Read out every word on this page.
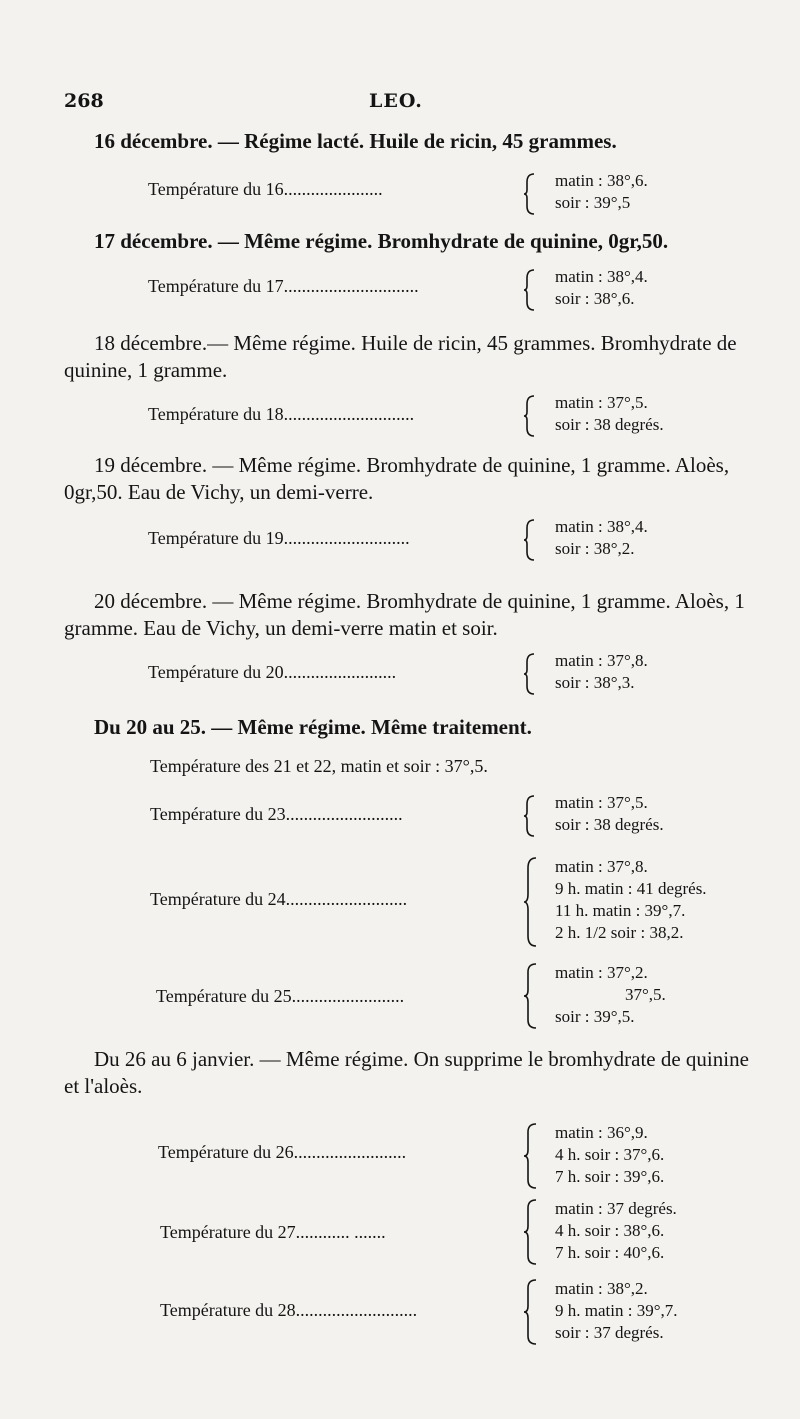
268	LEO.
16 décembre. — Régime lacté. Huile de ricin, 45 grammes.
Température du 16......................	matin : 38°,6.
soir : 39°,5
17 décembre. — Même régime. Bromhydrate de quinine, 0gr,50.
Température du 17..............................	matin : 38°,4.
soir : 38°,6.
18 décembre.— Même régime. Huile de ricin, 45 grammes. Bromhydrate de quinine, 1 gramme.
Température du 18.............................
matin : 37°,5.
soir : 38 degrés.
19 décembre. — Même régime. Bromhydrate de quinine, 1 gramme. Aloès, 0gr,50. Eau de Vichy, un demi-verre.
Température du 19............................
matin : 38°,4.
soir : 38°,2.
20 décembre. — Même régime. Bromhydrate de quinine, 1 gramme. Aloès, 1 gramme. Eau de Vichy, un demi-verre matin et soir.
Température du 20.........................
matin : 37°,8.
soir : 38°,3.
Du 20 au 25. — Même régime. Même traitement.
Température des 21 et 22, matin et soir : 37°,5.
Température du 23..........................
matin : 37°,5.
soir : 38 degrés.
Température du 24...........................
matin : 37°,8.
9 h. matin : 41 degrés.
11 h. matin : 39°,7.
2 h. 1/2 soir : 38,2.
Température du 25.........................
matin : 37°,2.
37°,5.
soir : 39°,5.
Du 26 au 6 janvier. — Même régime. On supprime le bromhydrate de quinine et l'aloès.
Température du 26.........................
matin : 36°,9.
4 h. soir : 37°,6.
7 h. soir : 39°,6.
Température du 27............ .......
matin : 37 degrés.
4 h. soir : 38°,6.
7 h. soir : 40°,6.
Température du 28...........................
matin : 38°,2.
9 h. matin : 39°,7.
soir : 37 degrés.
